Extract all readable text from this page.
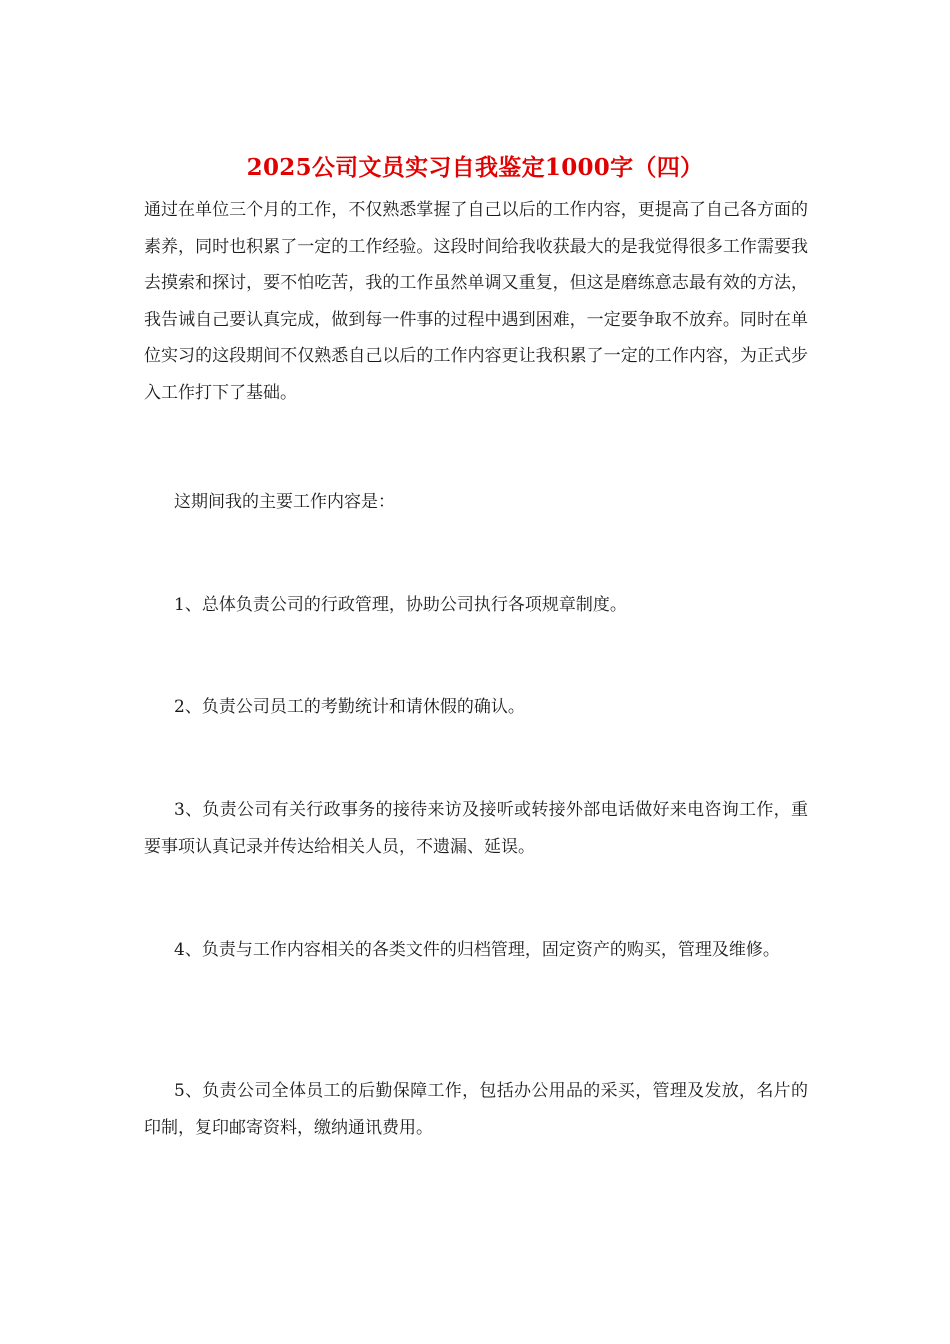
2025公司文员实习自我鉴定1000字（四）

通过在单位三个月的工作，不仅熟悉掌握了自己以后的工作内容，更提高了自己各方面的素养，同时也积累了一定的工作经验。这段时间给我收获最大的是我觉得很多工作需要我去摸索和探讨，要不怕吃苦，我的工作虽然单调又重复，但这是磨练意志最有效的方法，我告诫自己要认真完成，做到每一件事的过程中遇到困难，一定要争取不放弃。同时在单位实习的这段期间不仅熟悉自己以后的工作内容更让我积累了一定的工作内容，为正式步入工作打下了基础。

这期间我的主要工作内容是：

1、总体负责公司的行政管理，协助公司执行各项规章制度。

2、负责公司员工的考勤统计和请休假的确认。

3、负责公司有关行政事务的接待来访及接听或转接外部电话做好来电咨询工作，重要事项认真记录并传达给相关人员，不遗漏、延误。

4、负责与工作内容相关的各类文件的归档管理，固定资产的购买，管理及维修。

5、负责公司全体员工的后勤保障工作，包括办公用品的采买，管理及发放，名片的印制，复印邮寄资料，缴纳通讯费用。
